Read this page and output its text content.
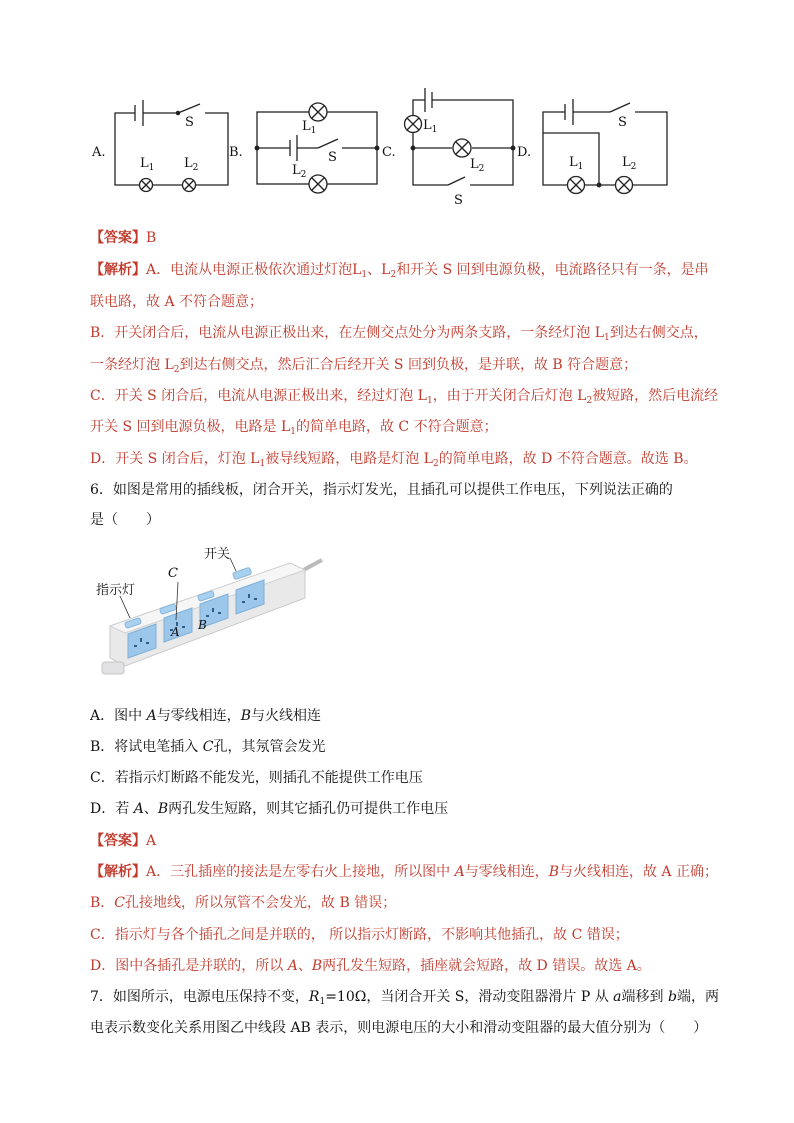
A.
S
$L_1$ $L_2$
B.	S
$L_1$
$L_2$
C.
S
$L_1$
$L_2$
D.
S
$L_1$	$L_2$
【答案】B
【解析】A．电流从电源正极依次通过灯泡$L_1$、$L_2$和开关 S 回到电源负极，电流路径只有一条，是串
联电路，故 A 不符合题意；
B．开关闭合后，电流从电源正极出来，在左侧交点处分为两条支路，一条经灯泡 $L_1$到达右侧交点，
一条经灯泡 $L_2$到达右侧交点，然后汇合后经开关 S 回到负极，是并联，故 B 符合题意；
C．开关 S 闭合后，电流从电源正极出来，经过灯泡 $L_1$，由于开关闭合后灯泡 $L_2$被短路，然后电流经
开关 S 回到电源负极，电路是 $L_1$的简单电路，故 C 不符合题意；
D．开关 S 闭合后，灯泡 $L_1$被导线短路，电路是灯泡 $L_2$的简单电路，故 D 不符合题意。故选 B。
6．如图是常用的插线板，闭合开关，指示灯发光，且插孔可以提供工作电压，下列说法正确的
是（　　）
开关
指示灯
C
A B
A．图中 A与零线相连，B与火线相连
B．将试电笔插入 C孔，其氖管会发光
C．若指示灯断路不能发光，则插孔不能提供工作电压
D．若 A、B两孔发生短路，则其它插孔仍可提供工作电压
【答案】A
【解析】A．三孔插座的接法是左零右火上接地，所以图中 A与零线相连，B与火线相连，故 A 正确；
B．C孔接地线，所以氖管不会发光，故 B 错误；
C．指示灯与各个插孔之间是并联的， 所以指示灯断路，不影响其他插孔，故 C 错误；
D．图中各插孔是并联的，所以 A、B两孔发生短路，插座就会短路，故 D 错误。故选 A。
7．如图所示，电源电压保持不变，$R_1=10\Omega$，当闭合开关 S，滑动变阻器滑片 P 从 a端移到 b端，两
电表示数变化关系用图乙中线段 AB 表示，则电源电压的大小和滑动变阻器的最大值分别为（　　）
